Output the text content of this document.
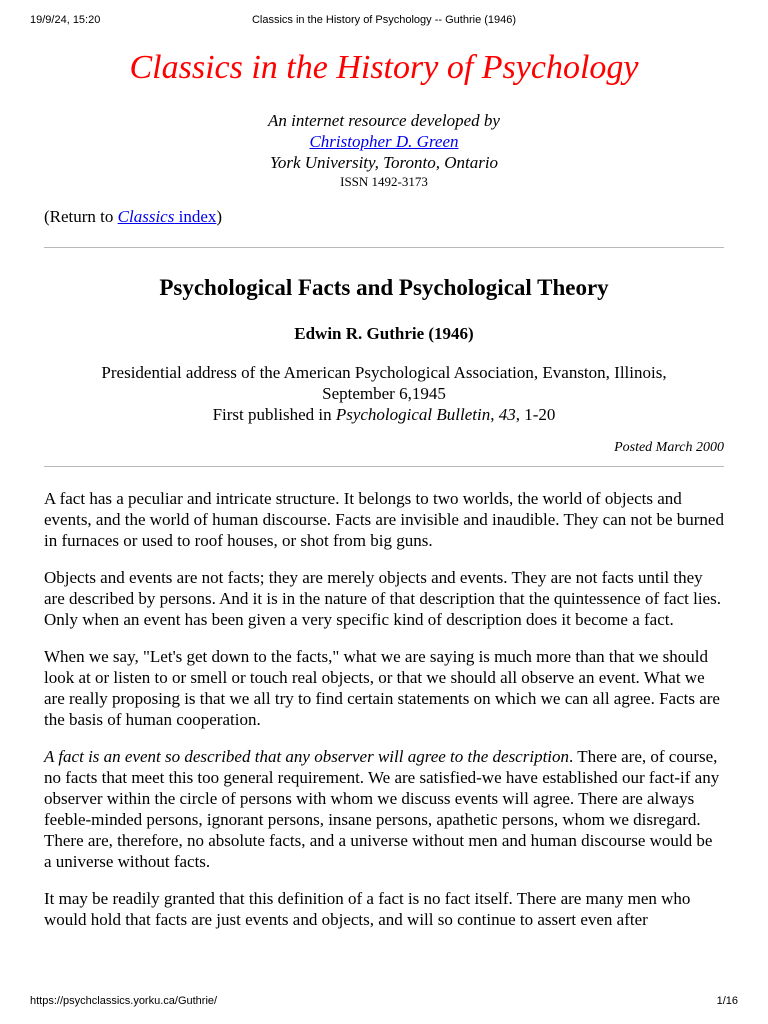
19/9/24, 15:20	Classics in the History of Psychology -- Guthrie (1946)
Classics in the History of Psychology
An internet resource developed by
Christopher D. Green
York University, Toronto, Ontario
ISSN 1492-3173
(Return to Classics index)
Psychological Facts and Psychological Theory
Edwin R. Guthrie (1946)
Presidential address of the American Psychological Association, Evanston, Illinois,
September 6,1945
First published in Psychological Bulletin, 43, 1-20
Posted March 2000

A fact has a peculiar and intricate structure. It belongs to two worlds, the world of objects and events, and the world of human discourse. Facts are invisible and inaudible. They can not be burned in furnaces or used to roof houses, or shot from big guns.

Objects and events are not facts; they are merely objects and events. They are not facts until they are described by persons. And it is in the nature of that description that the quintessence of fact lies. Only when an event has been given a very specific kind of description does it become a fact.

When we say, "Let's get down to the facts," what we are saying is much more than that we should look at or listen to or smell or touch real objects, or that we should all observe an event. What we are really proposing is that we all try to find certain statements on which we can all agree. Facts are the basis of human cooperation.

A fact is an event so described that any observer will agree to the description. There are, of course, no facts that meet this too general requirement. We are satisfied-we have established our fact-if any observer within the circle of persons with whom we discuss events will agree. There are always feeble-minded persons, ignorant persons, insane persons, apathetic persons, whom we disregard. There are, therefore, no absolute facts, and a universe without men and human discourse would be a universe without facts.

It may be readily granted that this definition of a fact is no fact itself. There are many men who would hold that facts are just events and objects, and will so continue to assert even after

https://psychclassics.yorku.ca/Guthrie/	1/16
